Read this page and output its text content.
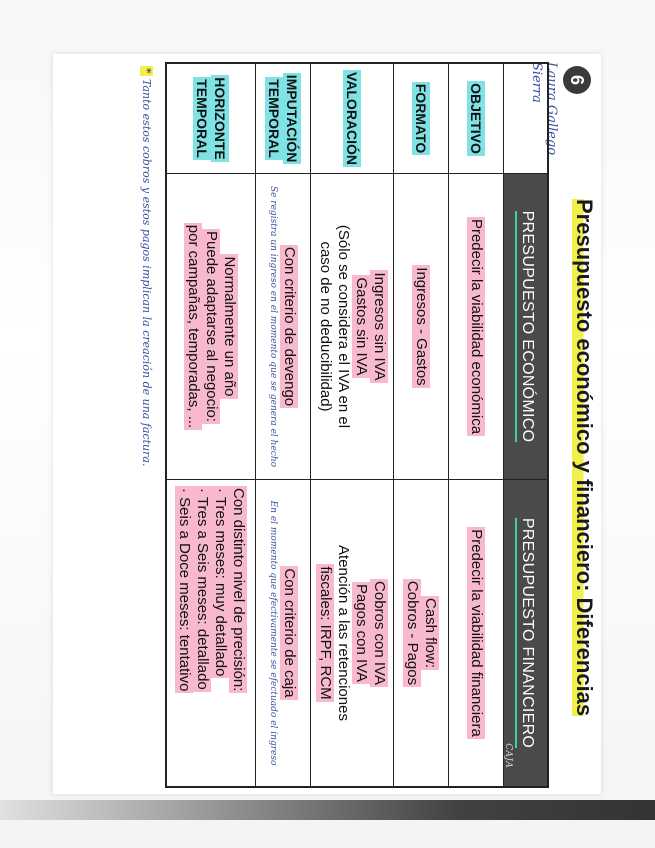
6
Laura Gallego Sierra
Presupuesto económico y financiero: Diferencias
PRESUPUESTO ECONÓMICO
PRESUPUESTO FINANCIERO
CAJA
OBJETIVO
Predecir la viabilidad económica
Predecir la viabilidad financiera
FORMATO
Ingresos - Gastos
Cash flow:
Cobros - Pagos
VALORACIÓN
Ingresos sin IVA
Gastos sin IVA
(Sólo se considera el IVA en el
caso de no deducibilidad)
Cobros con IVA
Pagos con IVA
Atención a las retenciones
fiscales: IRPF, RCM
IMPUTACIÓN
TEMPORAL
Con criterio de devengo
Se registra un ingreso en el momento que se genera el hecho
Con criterio de caja
En el momento que efectivamente se efectuado el ingreso
HORIZONTE
TEMPORAL
Normalmente un año
Puede adaptarse al negocio:
por campañas, temporadas, ...
Con distinto nivel de precisión:
· Tres meses: muy detallado
· Tres a Seis meses: detallado
· Seis a Doce meses: tentativo
* Tanto estos cobros y estos pagos implican la creación de una factura.
